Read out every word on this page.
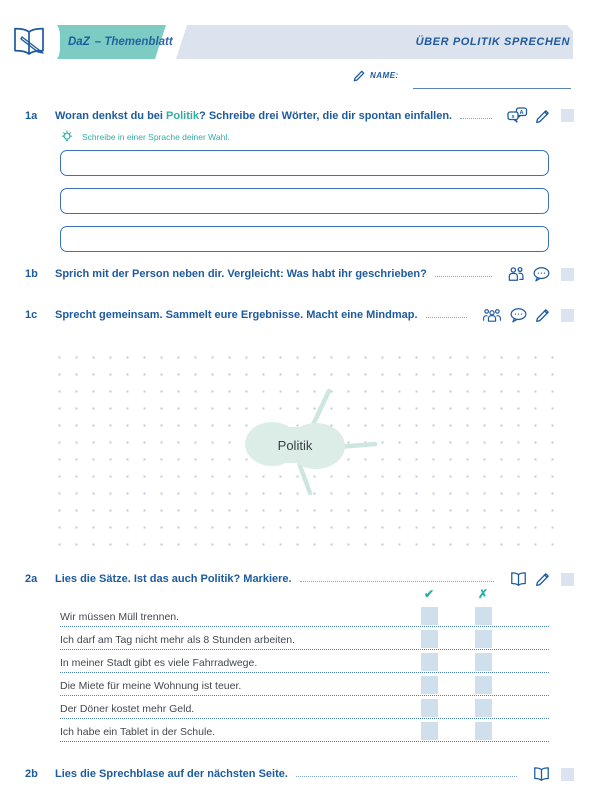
DaZ – Themenblatt	ÜBER POLITIK SPRECHEN
NAME:
1a	Woran denkst du bei Politik? Schreibe drei Wörter, die dir spontan einfallen.	A
x
Schreibe in einer Sprache deiner Wahl.
1b	Sprich mit der Person neben dir. Vergleicht: Was habt ihr geschrieben?
1c	Sprecht gemeinsam. Sammelt eure Ergebnisse. Macht eine Mindmap.
Politik
2a	Lies die Sätze. Ist das auch Politik? Markiere.
✔	✗
Wir müssen Müll trennen.
Ich darf am Tag nicht mehr als 8 Stunden arbeiten.
In meiner Stadt gibt es viele Fahrradwege.
Die Miete für meine Wohnung ist teuer.
Der Döner kostet mehr Geld.
Ich habe ein Tablet in der Schule.
2b	Lies die Sprechblase auf der nächsten Seite.
